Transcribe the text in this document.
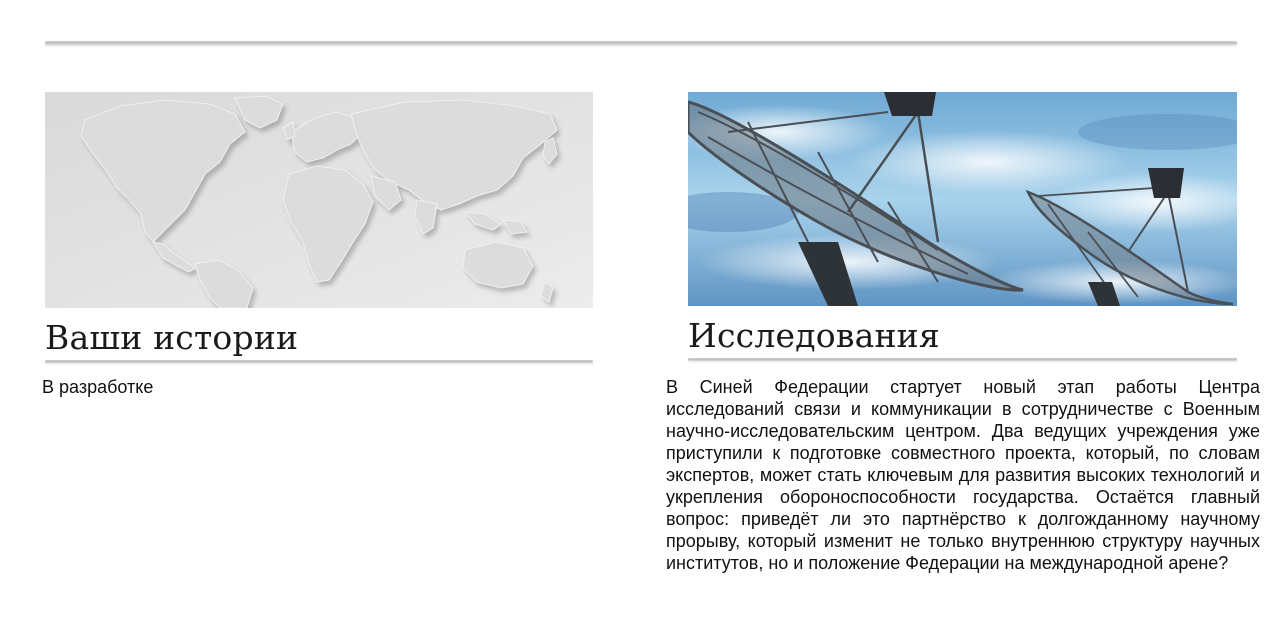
Ваши истории	Исследования
В разработке	В Синей Федерации стартует новый этап работы Центра исследований связи и коммуникации в сотрудничестве с Военным научно-исследовательским центром. Два ведущих учреждения уже приступили к подготовке совместного проекта, который, по словам экспертов, может стать ключевым для развития высоких технологий и укрепления обороноспособности государства. Остаётся главный вопрос: приведёт ли это партнёрство к долгожданному научному прорыву, который изменит не только внутреннюю структуру научных институтов, но и положение Федерации на международной арене?
